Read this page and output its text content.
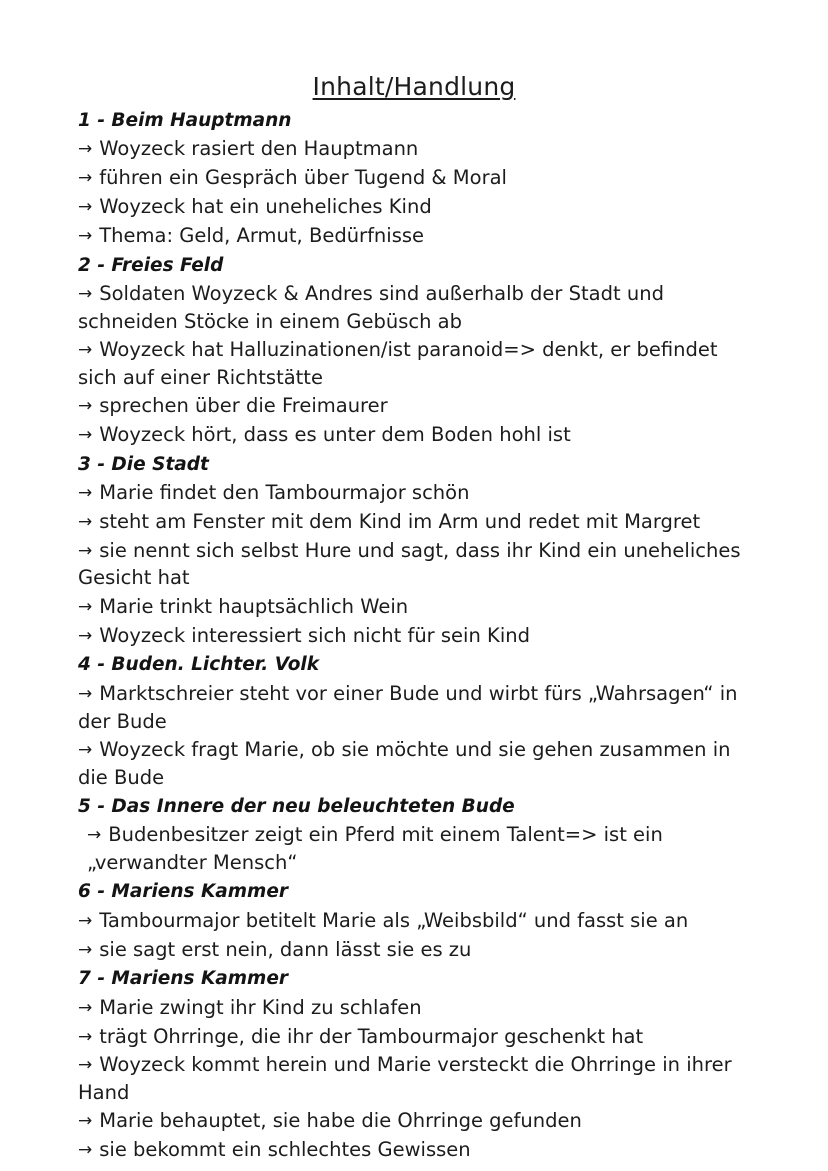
Inhalt/Handlung
1 - Beim Hauptmann
→ Woyzeck rasiert den Hauptmann
→ führen ein Gespräch über Tugend & Moral
→ Woyzeck hat ein uneheliches Kind
→ Thema: Geld, Armut, Bedürfnisse
2 - Freies Feld
→ Soldaten Woyzeck & Andres sind außerhalb der Stadt und schneiden Stöcke in einem Gebüsch ab
→ Woyzeck hat Halluzinationen/ist paranoid=> denkt, er befindet sich auf einer Richtstätte
→ sprechen über die Freimaurer
→ Woyzeck hört, dass es unter dem Boden hohl ist
3 - Die Stadt
→ Marie findet den Tambourmajor schön
→ steht am Fenster mit dem Kind im Arm und redet mit Margret
→ sie nennt sich selbst Hure und sagt, dass ihr Kind ein uneheliches Gesicht hat
→ Marie trinkt hauptsächlich Wein
→ Woyzeck interessiert sich nicht für sein Kind
4 - Buden. Lichter. Volk
→ Marktschreier steht vor einer Bude und wirbt fürs „Wahrsagen“ in der Bude
→ Woyzeck fragt Marie, ob sie möchte und sie gehen zusammen in die Bude
5 - Das Innere der neu beleuchteten Bude
→ Budenbesitzer zeigt ein Pferd mit einem Talent=> ist ein „verwandter Mensch“
6 - Mariens Kammer
→ Tambourmajor betitelt Marie als „Weibsbild“ und fasst sie an
→ sie sagt erst nein, dann lässt sie es zu
7 - Mariens Kammer
→ Marie zwingt ihr Kind zu schlafen
→ trägt Ohrringe, die ihr der Tambourmajor geschenkt hat
→ Woyzeck kommt herein und Marie versteckt die Ohrringe in ihrer Hand
→ Marie behauptet, sie habe die Ohrringe gefunden
→ sie bekommt ein schlechtes Gewissen
